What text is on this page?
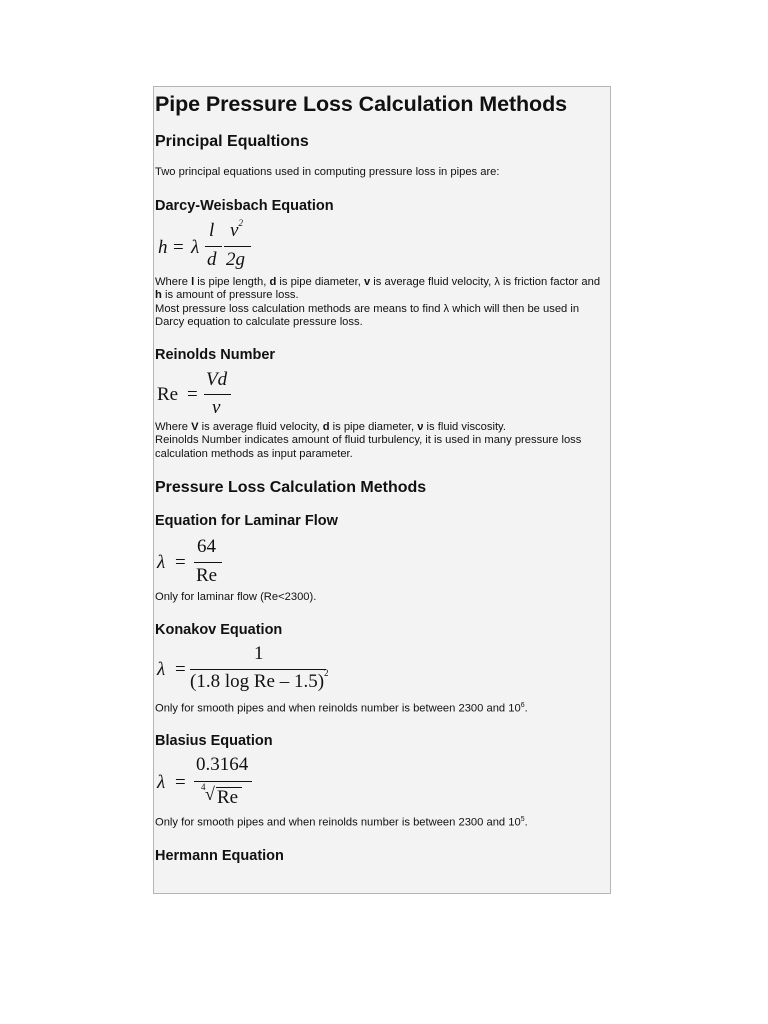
Pipe Pressure Loss Calculation Methods
Principal Equaltions

Two principal equations used in computing pressure loss in pipes are:

Darcy-Weisbach Equation
h = λ
l
d
$v^2$
2g

Where l is pipe length, d is pipe diameter, v is average fluid velocity, λ is friction factor and h is amount of pressure loss.

Most pressure loss calculation methods are means to find λ which will then be used in Darcy equation to calculate pressure loss.

Reinolds Number
Re =
Vd
ν

Where V is average fluid velocity, d is pipe diameter, ν is fluid viscosity.

Reinolds Number indicates amount of fluid turbulency, it is used in many pressure loss calculation methods as input parameter.

Pressure Loss Calculation Methods
Equation for Laminar Flow
λ =
64
Re

Only for laminar flow (Re<2300).

Konakov Equation
λ =
1
(1.8 log Re – 1.5)$^2$

Only for smooth pipes and when reinolds number is between 2300 and $10^6$.

Blasius Equation
λ =
0.3164
4 √ Re

Only for smooth pipes and when reinolds number is between 2300 and $10^5$.

Hermann Equation
